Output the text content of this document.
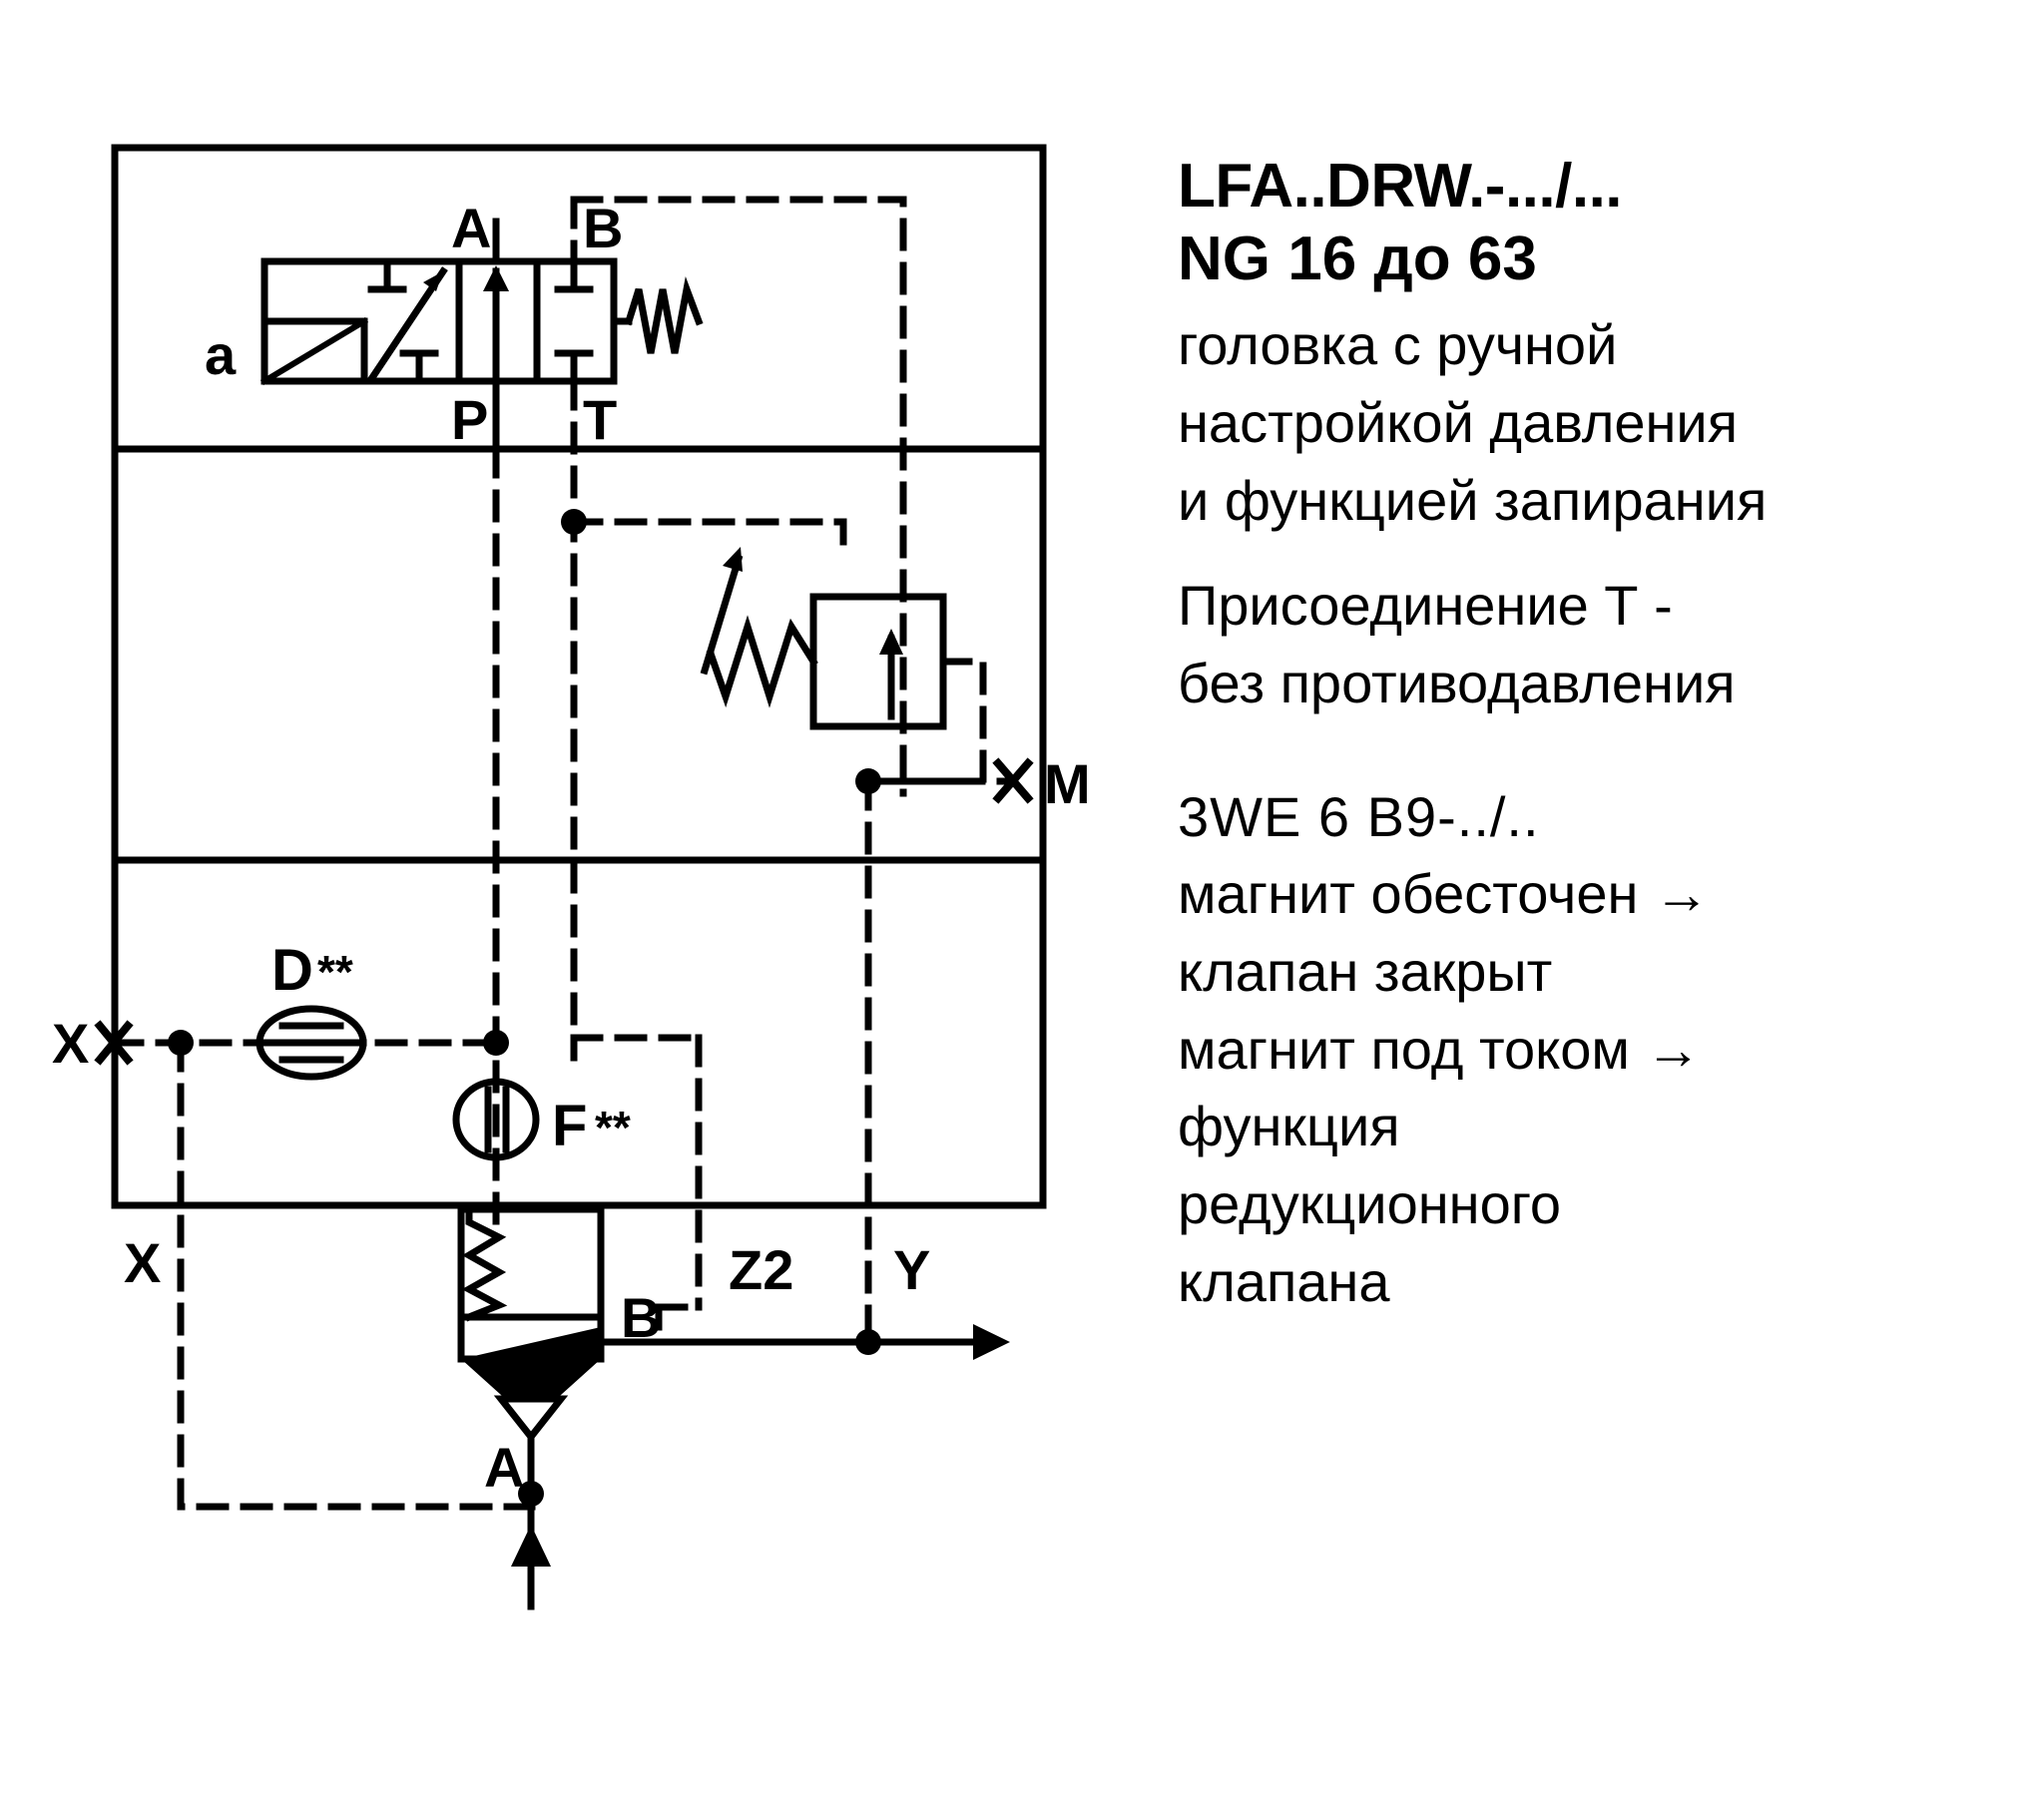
a
A B
P T
M
X
X
D **
F **
Z2 Y
B
A
LFA..DRW.-.../...
NG 16 до 63
головка с ручной
настройкой давления
и функцией запирания
Присоединение Т -
без противодавления
3WE 6 B9-../..
магнит обесточен →
клапан закрыт
магнит под током →
функция
редукционного
клапана
